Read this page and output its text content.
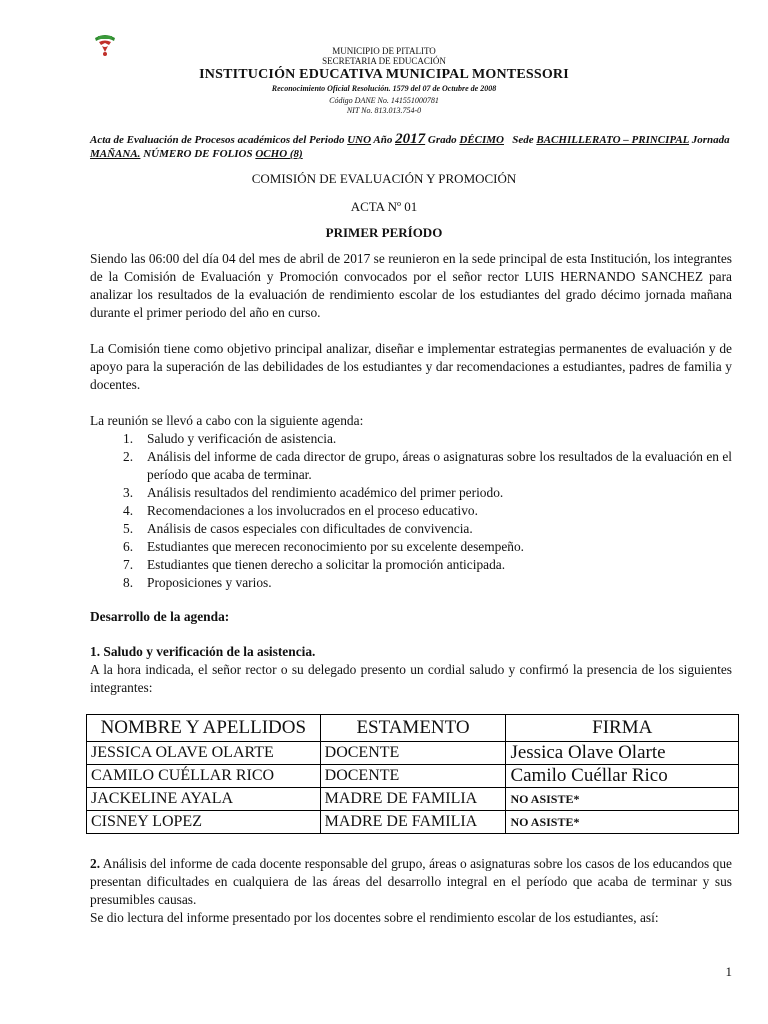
MUNICIPIO DE PITALITO
SECRETARIA DE EDUCACIÓN
INSTITUCIÓN EDUCATIVA MUNICIPAL MONTESSORI
Reconocimiento Oficial Resolución. 1579 del 07 de Octubre de 2008
Código DANE No. 141551000781
NIT No. 813.013.754-0
Acta de Evaluación de Procesos académicos del Periodo UNO Año 2017 Grado DÉCIMO   Sede BACHILLERATO – PRINCIPAL Jornada MAÑANA. NÚMERO DE FOLIOS OCHO (8)
COMISIÓN DE EVALUACIÓN Y PROMOCIÓN
ACTA Nº 01
PRIMER PERÍODO
Siendo las 06:00 del día 04 del mes de abril de 2017 se reunieron en la sede principal de esta Institución, los integrantes de la Comisión de Evaluación y Promoción convocados por el señor rector LUIS HERNANDO SANCHEZ para analizar los resultados de la evaluación de rendimiento escolar de los estudiantes del grado décimo jornada mañana durante el primer periodo del año en curso.
La Comisión tiene como objetivo principal analizar, diseñar e implementar estrategias permanentes de evaluación y de apoyo para la superación de las debilidades de los estudiantes y dar recomendaciones a estudiantes, padres de familia y docentes.
La reunión se llevó a cabo con la siguiente agenda:
1. Saludo y verificación de asistencia.
2. Análisis del informe de cada director de grupo, áreas o asignaturas sobre los resultados de la evaluación en el período que acaba de terminar.
3. Análisis resultados del rendimiento académico del primer periodo.
4. Recomendaciones a los involucrados en el proceso educativo.
5. Análisis de casos especiales con dificultades de convivencia.
6. Estudiantes que merecen reconocimiento por su excelente desempeño.
7. Estudiantes que tienen derecho a solicitar la promoción anticipada.
8. Proposiciones y varios.
Desarrollo de la agenda:
1. Saludo y verificación de la asistencia.
A la hora indicada, el señor rector o su delegado presento un cordial saludo y confirmó la presencia de los siguientes integrantes:
NOMBRE Y APELLIDOS	ESTAMENTO	FIRMA
JESSICA OLAVE OLARTE	DOCENTE	Jessica Olave Olarte
CAMILO CUÉLLAR RICO	DOCENTE	Camilo Cuéllar Rico
JACKELINE AYALA	MADRE DE FAMILIA	NO ASISTE*
CISNEY LOPEZ	MADRE DE FAMILIA	NO ASISTE*
2. Análisis del informe de cada docente responsable del grupo, áreas o asignaturas sobre los casos de los educandos que presentan dificultades en cualquiera de las áreas del desarrollo integral en el período que acaba de terminar y sus presumibles causas.
Se dio lectura del informe presentado por los docentes sobre el rendimiento escolar de los estudiantes, así:
1
